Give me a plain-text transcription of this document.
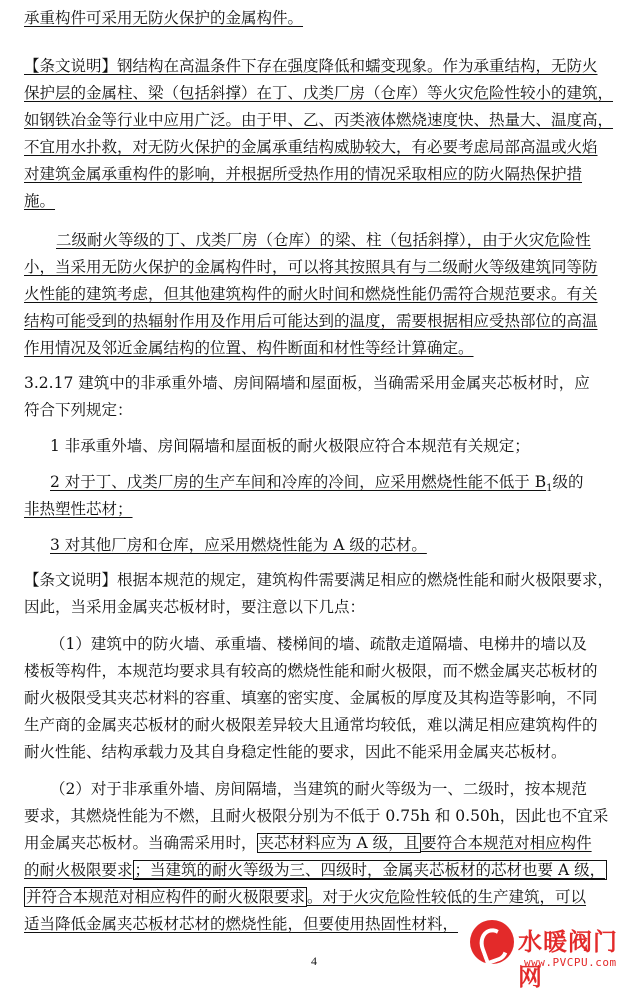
承重构件可采用无防火保护的金属构件。
【条文说明】钢结构在高温条件下存在强度降低和蠕变现象。作为承重结构，无防火
保护层的金属柱、梁（包括斜撑）在丁、戊类厂房（仓库）等火灾危险性较小的建筑，
如钢铁冶金等行业中应用广泛。由于甲、乙、丙类液体燃烧速度快、热量大、温度高，
不宜用水扑救，对无防火保护的金属承重结构威胁较大，有必要考虑局部高温或火焰
对建筑金属承重构件的影响，并根据所受热作用的情况采取相应的防火隔热保护措
施。
二级耐火等级的丁、戊类厂房（仓库）的梁、柱（包括斜撑），由于火灾危险性
小，当采用无防火保护的金属构件时，可以将其按照具有与二级耐火等级建筑同等防
火性能的建筑考虑，但其他建筑构件的耐火时间和燃烧性能仍需符合规范要求。有关
结构可能受到的热辐射作用及作用后可能达到的温度，需要根据相应受热部位的高温
作用情况及邻近金属结构的位置、构件断面和材性等经计算确定。
3.2.17 建筑中的非承重外墙、房间隔墙和屋面板，当确需采用金属夹芯板材时，应
符合下列规定：
1 非承重外墙、房间隔墙和屋面板的耐火极限应符合本规范有关规定；
2 对于丁、戊类厂房的生产车间和冷库的冷间，应采用燃烧性能不低于 $B_1$级的
非热塑性芯材；
3 对其他厂房和仓库，应采用燃烧性能为 A 级的芯材。
【条文说明】根据本规范的规定，建筑构件需要满足相应的燃烧性能和耐火极限要求，
因此，当采用金属夹芯板材时，要注意以下几点：
（1）建筑中的防火墙、承重墙、楼梯间的墙、疏散走道隔墙、电梯井的墙以及
楼板等构件，本规范均要求具有较高的燃烧性能和耐火极限，而不燃金属夹芯板材的
耐火极限受其夹芯材料的容重、填塞的密实度、金属板的厚度及其构造等影响，不同
生产商的金属夹芯板材的耐火极限差异较大且通常均较低，难以满足相应建筑构件的
耐火性能、结构承载力及其自身稳定性能的要求，因此不能采用金属夹芯板材。
（2）对于非承重外墙、房间隔墙，当建筑的耐火等级为一、二级时，按本规范
要求，其燃烧性能为不燃，且耐火极限分别为不低于 0.75h 和 0.50h，因此也不宜采
用金属夹芯板材。当确需采用时， 夹芯材料应为 A 级，且 要符合本规范对相应构件
的耐火极限要求 ；当建筑的耐火等级为三、四级时，金属夹芯板材的芯材也要 A 级，
并符合本规范对相应构件的耐火极限要求 。对于火灾危险性较低的生产建筑，可以
适当降低金属夹芯板材芯材的燃烧性能，但要使用热固性材料，
4
水暖阀门网
www.PVCPU.com
